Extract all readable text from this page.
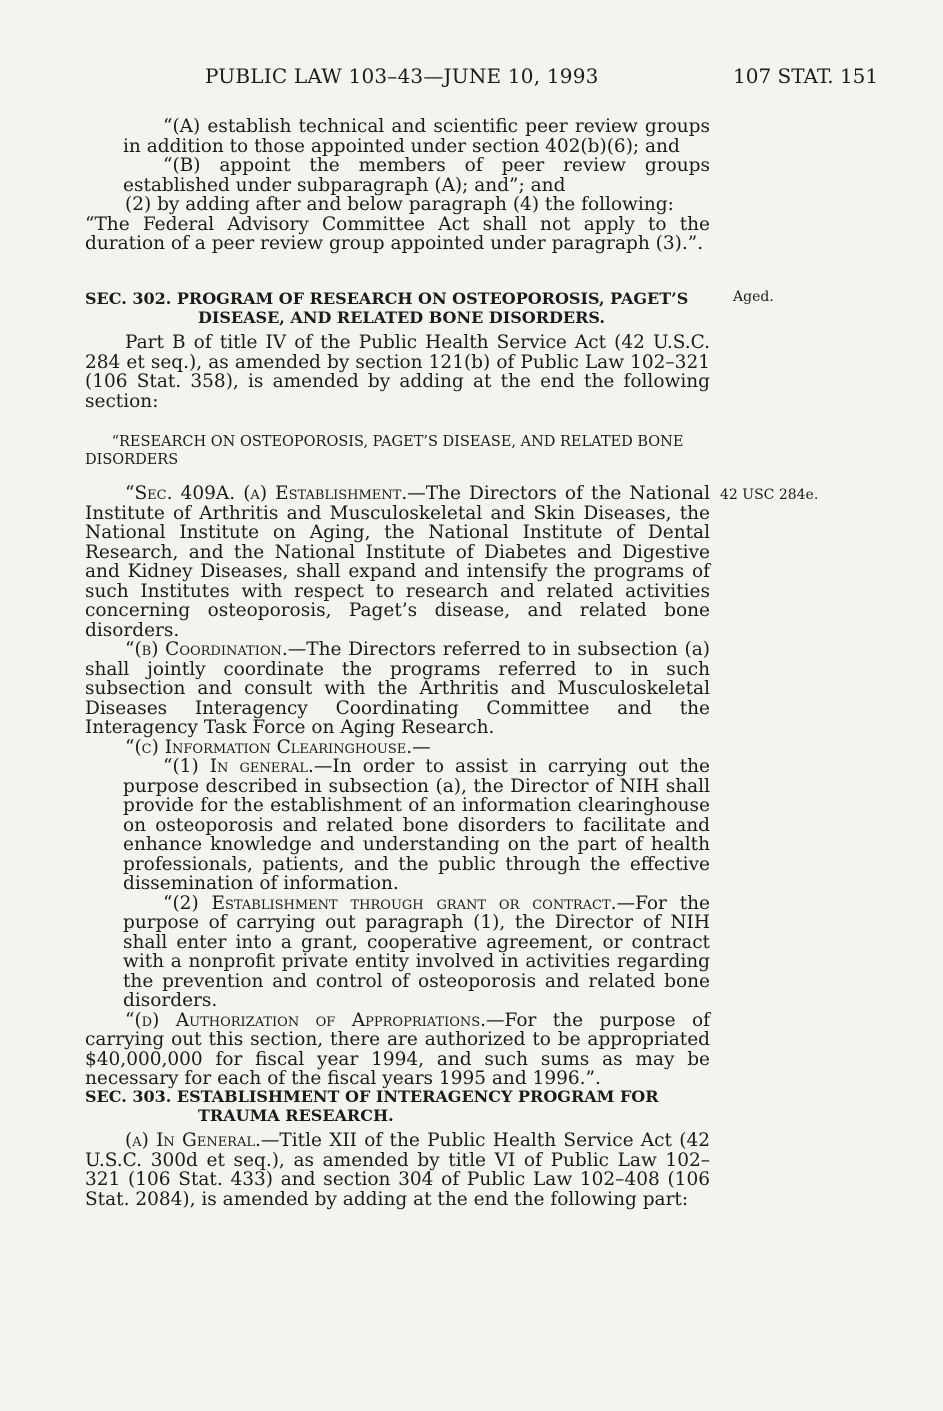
PUBLIC LAW 103–43—JUNE 10, 1993	107 STAT. 151

“(A) establish technical and scientific peer review groups in addition to those appointed under section 402(b)(6); and

“(B) appoint the members of peer review groups established under subparagraph (A); and”; and

(2) by adding after and below paragraph (4) the following:

“The Federal Advisory Committee Act shall not apply to the duration of a peer review group appointed under paragraph (3).”.

SEC. 302. PROGRAM OF RESEARCH ON OSTEOPOROSIS, PAGET’S DISEASE, AND RELATED BONE DISORDERS.

Aged.

Part B of title IV of the Public Health Service Act (42 U.S.C. 284 et seq.), as amended by section 121(b) of Public Law 102–321 (106 Stat. 358), is amended by adding at the end the following section:

“RESEARCH ON OSTEOPOROSIS, PAGET’S DISEASE, AND RELATED BONE DISORDERS

42 USC 284e.

“Sec. 409A. (a) Establishment.—The Directors of the National Institute of Arthritis and Musculoskeletal and Skin Diseases, the National Institute on Aging, the National Institute of Dental Research, and the National Institute of Diabetes and Digestive and Kidney Diseases, shall expand and intensify the programs of such Institutes with respect to research and related activities concerning osteoporosis, Paget’s disease, and related bone disorders.

“(b) Coordination.—The Directors referred to in subsection (a) shall jointly coordinate the programs referred to in such subsection and consult with the Arthritis and Musculoskeletal Diseases Interagency Coordinating Committee and the Interagency Task Force on Aging Research.

“(c) Information Clearinghouse.—

“(1) In general.—In order to assist in carrying out the purpose described in subsection (a), the Director of NIH shall provide for the establishment of an information clearinghouse on osteoporosis and related bone disorders to facilitate and enhance knowledge and understanding on the part of health professionals, patients, and the public through the effective dissemination of information.

“(2) Establishment through grant or contract.—For the purpose of carrying out paragraph (1), the Director of NIH shall enter into a grant, cooperative agreement, or contract with a nonprofit private entity involved in activities regarding the prevention and control of osteoporosis and related bone disorders.

“(d) Authorization of Appropriations.—For the purpose of carrying out this section, there are authorized to be appropriated $40,000,000 for fiscal year 1994, and such sums as may be necessary for each of the fiscal years 1995 and 1996.”.

SEC. 303. ESTABLISHMENT OF INTERAGENCY PROGRAM FOR TRAUMA RESEARCH.

(a) In General.—Title XII of the Public Health Service Act (42 U.S.C. 300d et seq.), as amended by title VI of Public Law 102–321 (106 Stat. 433) and section 304 of Public Law 102–408 (106 Stat. 2084), is amended by adding at the end the following part:
